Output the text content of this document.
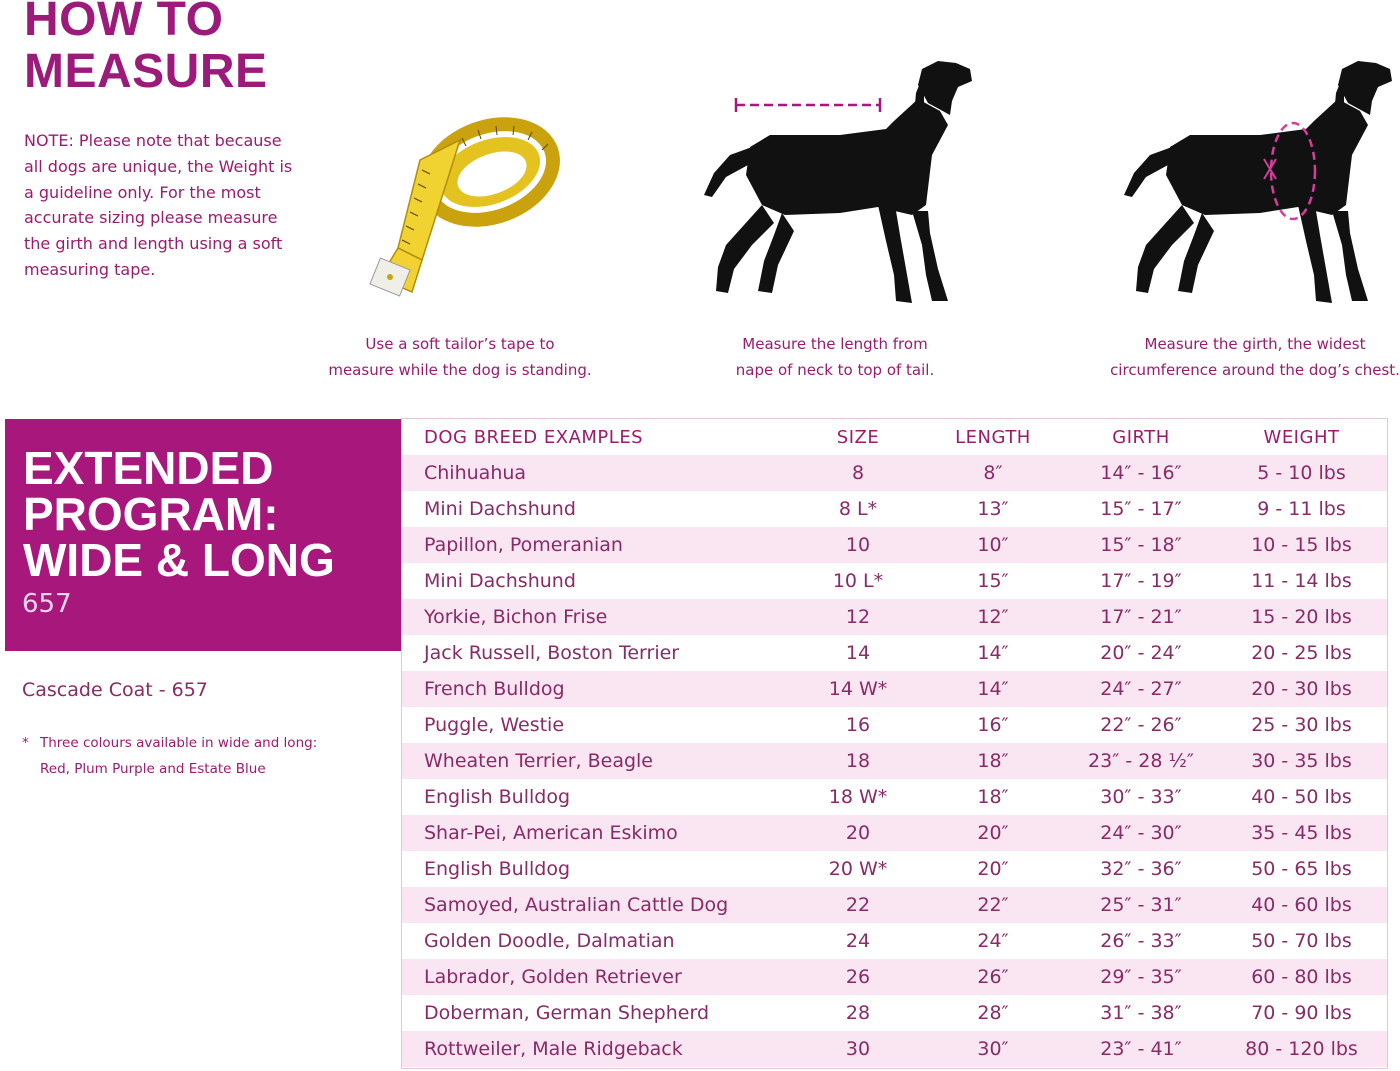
HOW TO
MEASURE
NOTE: Please note that because all dogs are unique, the Weight is a guideline only. For the most accurate sizing please measure the girth and length using a soft measuring tape.
Use a soft tailor’s tape to
measure while the dog is standing.
Measure the length from
nape of neck to top of tail.
Measure the girth, the widest
circumference around the dog’s chest.
EXTENDED
PROGRAM:
WIDE & LONG
657
Cascade Coat - 657
* Three colours available in wide and long:
Red, Plum Purple and Estate Blue
DOG BREED EXAMPLES	SIZE	LENGTH	GIRTH	WEIGHT
Chihuahua	8	8″	14″ - 16″	5 - 10 lbs
Mini Dachshund	8 L*	13″	15″ - 17″	9 - 11 lbs
Papillon, Pomeranian	10	10″	15″ - 18″	10 - 15 lbs
Mini Dachshund	10 L*	15″	17″ - 19″	11 - 14 lbs
Yorkie, Bichon Frise	12	12″	17″ - 21″	15 - 20 lbs
Jack Russell, Boston Terrier	14	14″	20″ - 24″	20 - 25 lbs
French Bulldog	14 W*	14″	24″ - 27″	20 - 30 lbs
Puggle, Westie	16	16″	22″ - 26″	25 - 30 lbs
Wheaten Terrier, Beagle	18	18″	23″ - 28 ½″	30 - 35 lbs
English Bulldog	18 W*	18″	30″ - 33″	40 - 50 lbs
Shar-Pei, American Eskimo	20	20″	24″ - 30″	35 - 45 lbs
English Bulldog	20 W*	20″	32″ - 36″	50 - 65 lbs
Samoyed, Australian Cattle Dog	22	22″	25″ - 31″	40 - 60 lbs
Golden Doodle, Dalmatian	24	24″	26″ - 33″	50 - 70 lbs
Labrador, Golden Retriever	26	26″	29″ - 35″	60 - 80 lbs
Doberman, German Shepherd	28	28″	31″ - 38″	70 - 90 lbs
Rottweiler, Male Ridgeback	30	30″	23″ - 41″	80 - 120 lbs
